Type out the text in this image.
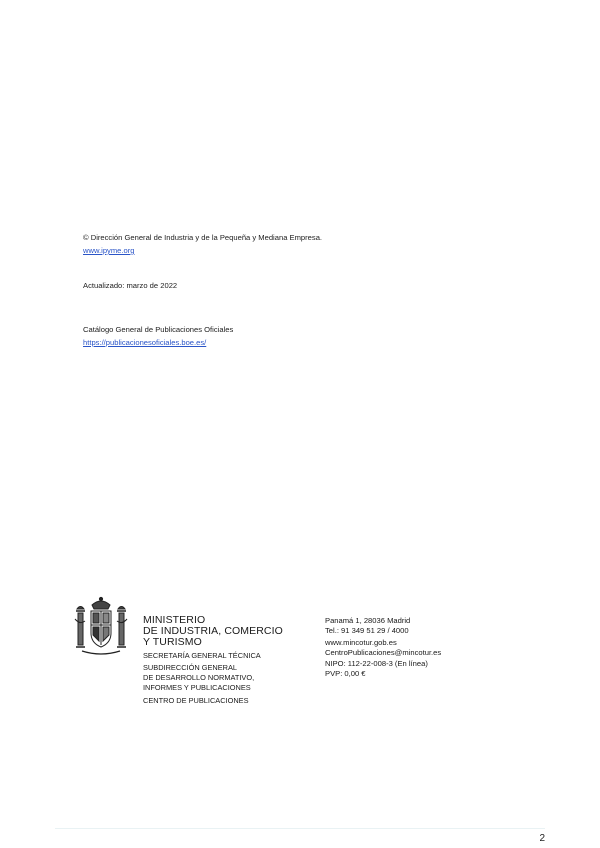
© Dirección General de Industria y de la Pequeña y Mediana Empresa.
www.ipyme.org
Actualizado: marzo de 2022
Catálogo General de Publicaciones Oficiales
https://publicacionesoficiales.boe.es/
MINISTERIO
DE INDUSTRIA, COMERCIO
Y TURISMO
SECRETARÍA GENERAL TÉCNICA
SUBDIRECCIÓN GENERAL
DE DESARROLLO NORMATIVO,
INFORMES Y PUBLICACIONES
CENTRO DE PUBLICACIONES
Panamá 1, 28036 Madrid
Tel.: 91 349 51 29 / 4000
www.mincotur.gob.es
CentroPublicaciones@mincotur.es
NIPO: 112-22-008-3 (En línea)
PVP: 0,00 €
2
